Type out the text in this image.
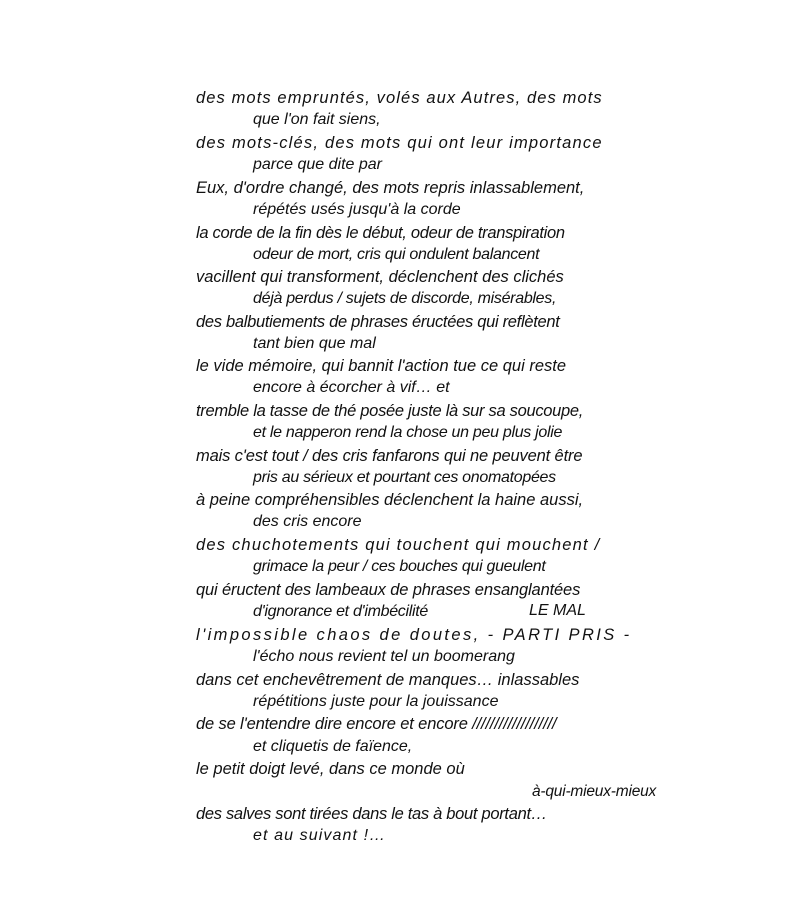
des mots empruntés, volés aux Autres, des mots
que l'on fait siens,
des mots-clés, des mots qui ont leur importance
parce que dite par
Eux, d'ordre changé, des mots repris inlassablement,
répétés usés jusqu'à la corde
la corde de la fin dès le début, odeur de transpiration
odeur de mort, cris qui ondulent balancent
vacillent qui transforment, déclenchent des clichés
déjà perdus / sujets de discorde, misérables,
des balbutiements de phrases éructées qui reflètent
tant bien que mal
le vide mémoire, qui bannit l'action tue ce qui reste
encore à écorcher à vif… et
tremble la tasse de thé posée juste là sur sa soucoupe,
et le napperon rend la chose un peu plus jolie
mais c'est tout / des cris fanfarons qui ne peuvent être
pris au sérieux et pourtant ces onomatopées
à peine compréhensibles déclenchent la haine aussi,
des cris encore
des chuchotements qui touchent qui mouchent /
grimace la peur / ces bouches qui gueulent
qui éructent des lambeaux de phrases ensanglantées
d'ignorance et d'imbécilité	LE MAL
l'impossible chaos de doutes, - PARTI PRIS -
l'écho nous revient tel un boomerang
dans cet enchevêtrement de manques… inlassables
répétitions juste pour la jouissance
de se l'entendre dire encore et encore ///////////////////
et cliquetis de faïence,
le petit doigt levé, dans ce monde où
à-qui-mieux-mieux
des salves sont tirées dans le tas à bout portant…
et au suivant !…
